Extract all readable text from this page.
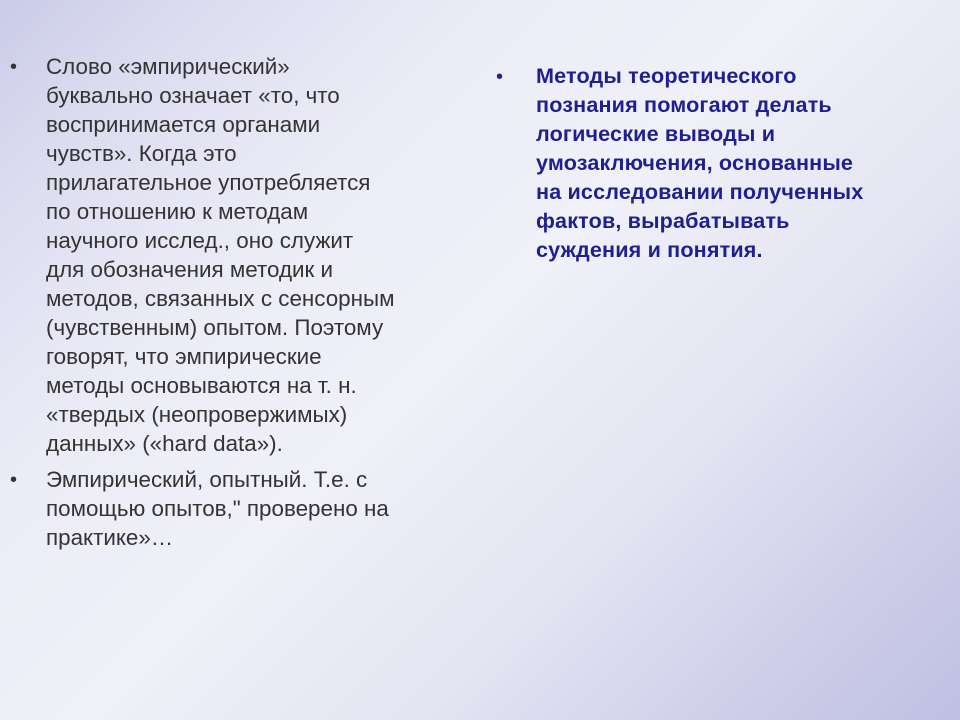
• Слово «эмпирический»
буквально означает «то, что
воспринимается органами
чувств». Когда это
прилагательное употребляется
по отношению к методам
научного исслед., оно служит
для обозначения методик и
методов, связанных с сенсорным
(чувственным) опытом. Поэтому
говорят, что эмпирические
методы основываются на т. н.
«твердых (неопровержимых)
данных» («hard data»).
• Эмпирический, опытный. Т.е. с
помощью опытов," проверено на
практике»…
• Методы теоретического
познания помогают делать
логические выводы и
умозаключения, основанные
на исследовании полученных
фактов, вырабатывать
суждения и понятия.
